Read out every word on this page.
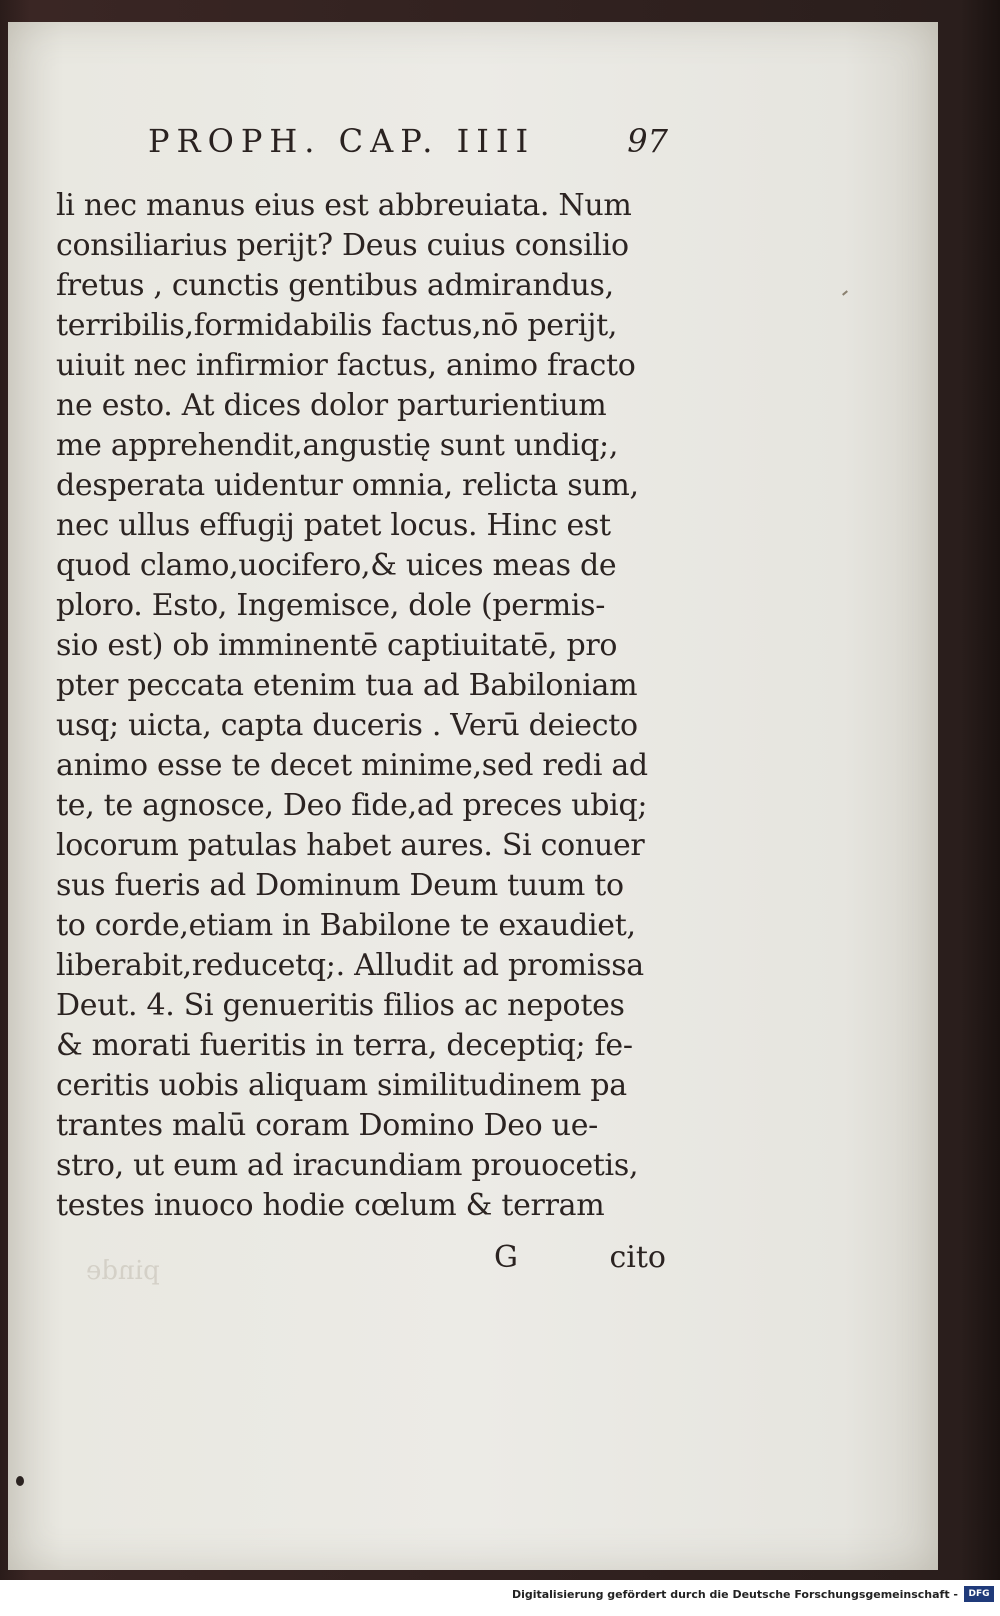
PROPH. CAP. IIII	97
li nec manus eius est abbreuiata. Num
consiliarius perijt? Deus cuius consilio
fretus , cunctis gentibus admirandus,
terribilis,formidabilis factus,nō perijt,
uiuit nec infirmior factus, animo fracto
ne esto. At dices dolor parturientium
me apprehendit,angustię sunt undiq;,
desperata uidentur omnia, relicta sum,
nec ullus effugij patet locus. Hinc est
quod clamo,uocifero,& uices meas de
ploro. Esto, Ingemisce, dole (permis-
sio est) ob imminentē captiuitatē, pro
pter peccata etenim tua ad Babiloniam
usq; uicta, capta duceris . Verū deiecto
animo esse te decet minime,sed redi ad
te, te agnosce, Deo fide,ad preces ubiq;
locorum patulas habet aures. Si conuer
sus fueris ad Dominum Deum tuum to
to corde,etiam in Babilone te exaudiet,
liberabit,reducetq;. Alludit ad promissa
Deut. 4. Si genueritis filios ac nepotes
& morati fueritis in terra, deceptiq; fe-
ceritis uobis aliquam similitudinem pa
trantes malū coram Domino Deo ue-
stro, ut eum ad iracundiam prouocetis,
testes inuoco hodie cœlum & terram
G	cito
pinde
Digitalisierung gefördert durch die Deutsche Forschungsgemeinschaft -	DFG
